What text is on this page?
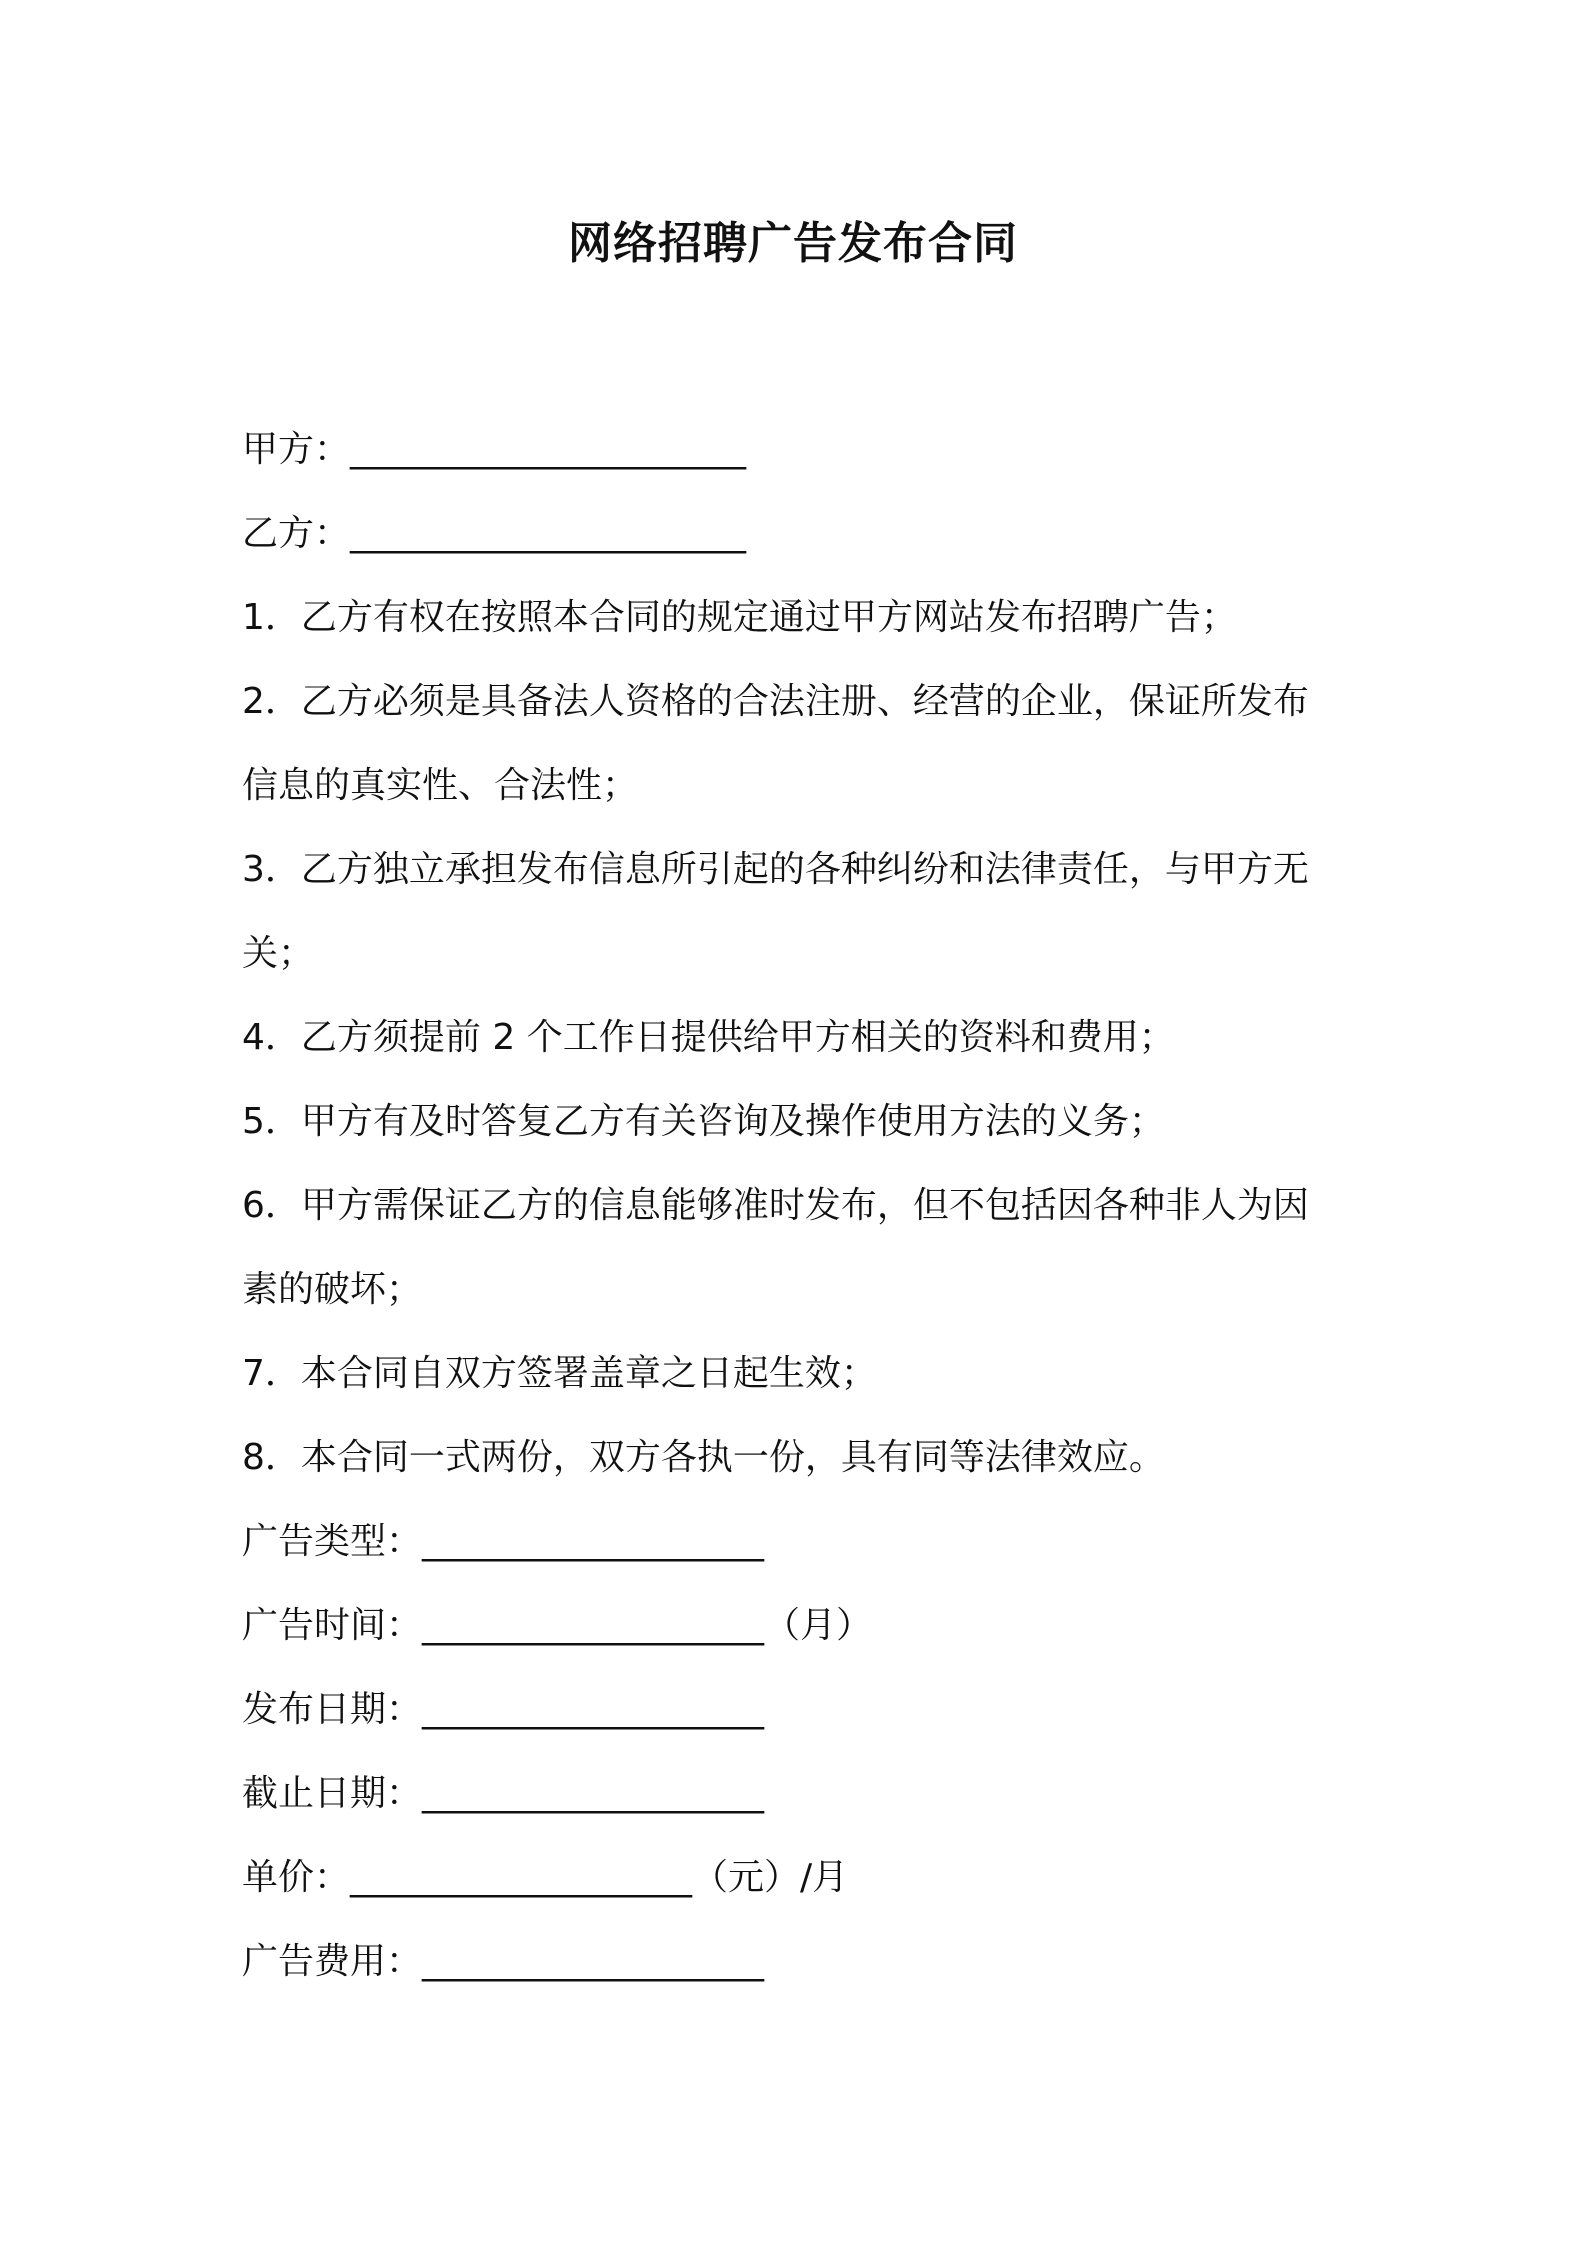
网络招聘广告发布合同
甲方：______________________
乙方：______________________
1．乙方有权在按照本合同的规定通过甲方网站发布招聘广告；
2．乙方必须是具备法人资格的合法注册、经营的企业，保证所发布
信息的真实性、合法性；
3．乙方独立承担发布信息所引起的各种纠纷和法律责任，与甲方无
关；
4．乙方须提前 2 个工作日提供给甲方相关的资料和费用；
5．甲方有及时答复乙方有关咨询及操作使用方法的义务；
6．甲方需保证乙方的信息能够准时发布，但不包括因各种非人为因
素的破坏；
7．本合同自双方签署盖章之日起生效；
8．本合同一式两份，双方各执一份，具有同等法律效应。
广告类型：___________________
广告时间：___________________（月）
发布日期：___________________
截止日期：___________________
单价：___________________（元）/月
广告费用：___________________
